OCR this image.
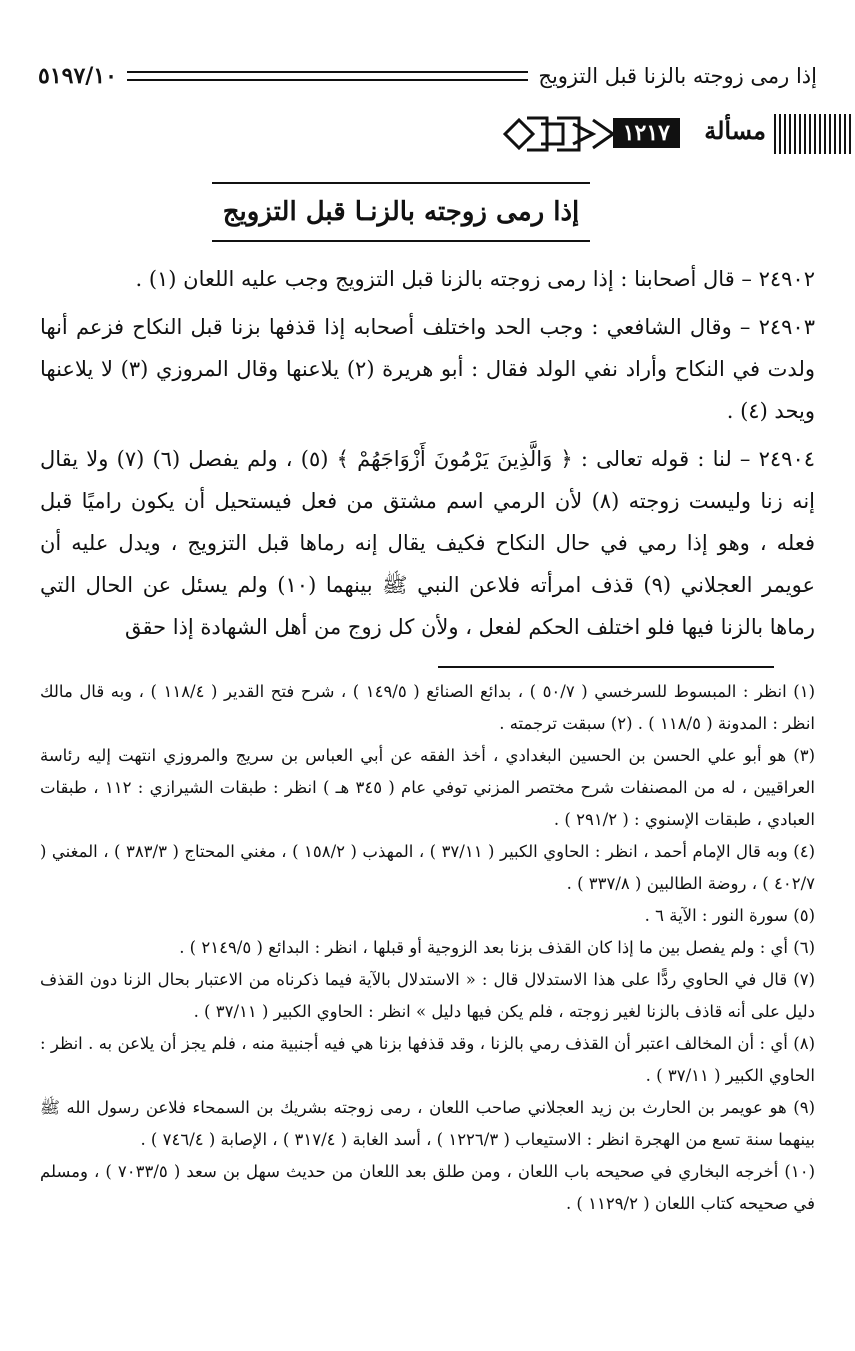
إذا رمى زوجته بالزنا قبل التزويج
٥١٩٧/١٠
مسألة
١٢١٧
إذا رمى زوجته بالزنـا قبل التزويج

٢٤٩٠٢ – قال أصحابنا : إذا رمى زوجته بالزنا قبل التزويج وجب عليه اللعان (١) .

٢٤٩٠٣ – وقال الشافعي : وجب الحد واختلف أصحابه إذا قذفها بزنا قبل النكاح فزعم أنها ولدت في النكاح وأراد نفي الولد فقال : أبو هريرة (٢) يلاعنها وقال المروزي (٣) لا يلاعنها ويحد (٤) .

٢٤٩٠٤ – لنا : قوله تعالى : ﴿ وَالَّذِينَ يَرْمُونَ أَزْوَاجَهُمْ ﴾ (٥) ، ولم يفصل (٦) (٧) ولا يقال إنه زنا وليست زوجته (٨) لأن الرمي اسم مشتق من فعل فيستحيل أن يكون راميًا قبل فعله ، وهو إذا رمي في حال النكاح فكيف يقال إنه رماها قبل التزويج ، ويدل عليه أن عويمر العجلاني (٩) قذف امرأته فلاعن النبي ﷺ بينهما (١٠) ولم يسئل عن الحال التي رماها بالزنا فيها فلو اختلف الحكم لفعل ، ولأن كل زوج من أهل الشهادة إذا حقق

(١) انظر : المبسوط للسرخسي ( ٥٠/٧ ) ، بدائع الصنائع ( ١٤٩/٥ ) ، شرح فتح القدير ( ١١٨/٤ ) ، وبه قال مالك انظر : المدونة ( ١١٨/٥ ) . (٢) سبقت ترجمته .

(٣) هو أبو علي الحسن بن الحسين البغدادي ، أخذ الفقه عن أبي العباس بن سريج والمروزي انتهت إليه رئاسة العراقيين ، له من المصنفات شرح مختصر المزني توفي عام ( ٣٤٥ هـ ) انظر : طبقات الشيرازي : ١١٢ ، طبقات العبادي ، طبقات الإسنوي : ( ٢٩١/٢ ) .

(٤) وبه قال الإمام أحمد ، انظر : الحاوي الكبير ( ٣٧/١١ ) ، المهذب ( ١٥٨/٢ ) ، مغني المحتاج ( ٣٨٣/٣ ) ، المغني ( ٤٠٢/٧ ) ، روضة الطالبين ( ٣٣٧/٨ ) .

(٥) سورة النور : الآية ٦ .

(٦) أي : ولم يفصل بين ما إذا كان القذف بزنا بعد الزوجية أو قبلها ، انظر : البدائع ( ٢١٤٩/٥ ) .

(٧) قال في الحاوي ردًّا على هذا الاستدلال قال : « الاستدلال بالآية فيما ذكرناه من الاعتبار بحال الزنا دون القذف دليل على أنه قاذف بالزنا لغير زوجته ، فلم يكن فيها دليل » انظر : الحاوي الكبير ( ٣٧/١١ ) .

(٨) أي : أن المخالف اعتبر أن القذف رمي بالزنا ، وقد قذفها بزنا هي فيه أجنبية منه ، فلم يجز أن يلاعن به . انظر : الحاوي الكبير ( ٣٧/١١ ) .

(٩) هو عويمر بن الحارث بن زيد العجلاني صاحب اللعان ، رمى زوجته بشريك بن السمحاء فلاعن رسول الله ﷺ بينهما سنة تسع من الهجرة انظر : الاستيعاب ( ١٢٢٦/٣ ) ، أسد الغابة ( ٣١٧/٤ ) ، الإصابة ( ٧٤٦/٤ ) .

(١٠) أخرجه البخاري في صحيحه باب اللعان ، ومن طلق بعد اللعان من حديث سهل بن سعد ( ٧٠٣٣/٥ ) ، ومسلم في صحيحه كتاب اللعان ( ١١٢٩/٢ ) .
